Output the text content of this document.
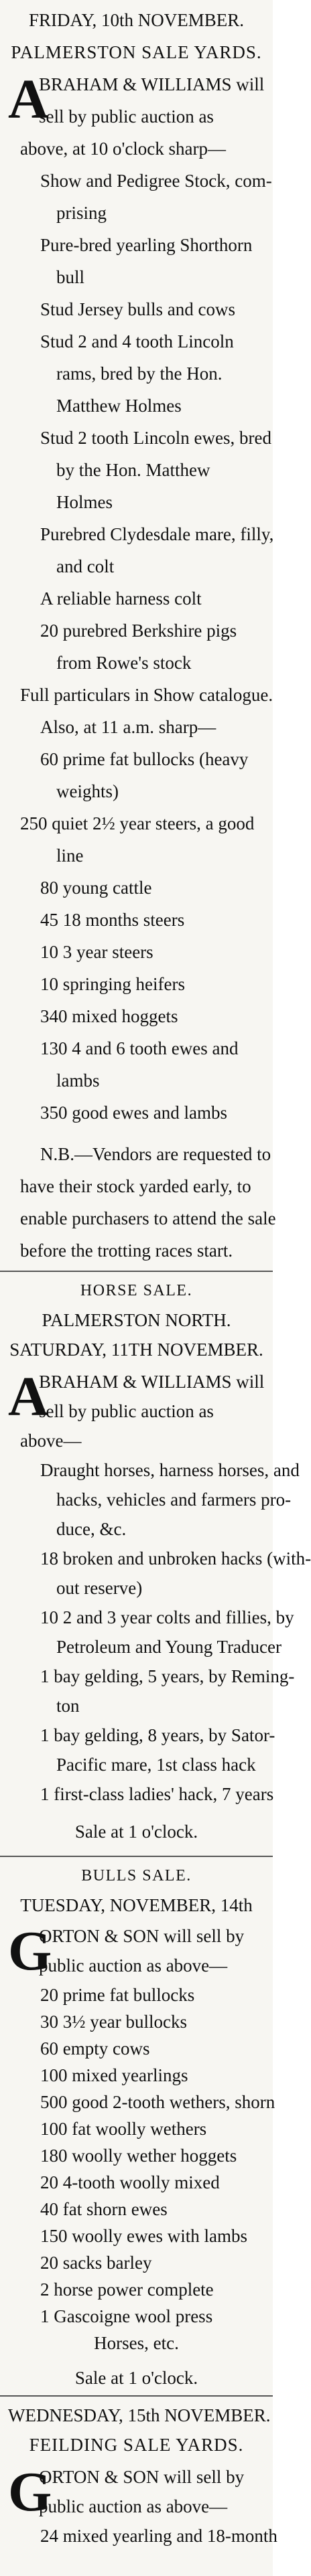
FRIDAY, 10th NOVEMBER.
PALMERSTON SALE YARDS.
A
BRAHAM & WILLIAMS will
sell by public auction as
above, at 10 o'clock sharp—
Show and Pedigree Stock, com-
prising
Pure-bred yearling Shorthorn
bull
Stud Jersey bulls and cows
Stud 2 and 4 tooth Lincoln
rams, bred by the Hon.
Matthew Holmes
Stud 2 tooth Lincoln ewes, bred
by the Hon. Matthew
Holmes
Purebred Clydesdale mare, filly,
and colt
A reliable harness colt
20 purebred Berkshire pigs
from Rowe's stock
Full particulars in Show catalogue.
Also, at 11 a.m. sharp—
60 prime fat bullocks (heavy
weights)
250 quiet 2½ year steers, a good
line
80 young cattle
45 18 months steers
10 3 year steers
10 springing heifers
340 mixed hoggets
130 4 and 6 tooth ewes and
lambs
350 good ewes and lambs
N.B.—Vendors are requested to
have their stock yarded early, to
enable purchasers to attend the sale
before the trotting races start.
HORSE SALE.
PALMERSTON NORTH.
SATURDAY, 11TH NOVEMBER.
A
BRAHAM & WILLIAMS will
sell by public auction as
above—
Draught horses, harness horses, and
hacks, vehicles and farmers pro-
duce, &c.
18 broken and unbroken hacks (with-
out reserve)
10 2 and 3 year colts and fillies, by
Petroleum and Young Traducer
1 bay gelding, 5 years, by Reming-
ton
1 bay gelding, 8 years, by Sator-
Pacific mare, 1st class hack
1 first-class ladies' hack, 7 years
Sale at 1 o'clock.
BULLS SALE.
TUESDAY, NOVEMBER, 14th
G
ORTON & SON will sell by
public auction as above—
20 prime fat bullocks
30 3½ year bullocks
60 empty cows
100 mixed yearlings
500 good 2-tooth wethers, shorn
100 fat woolly wethers
180 woolly wether hoggets
20 4-tooth woolly mixed
40 fat shorn ewes
150 woolly ewes with lambs
20 sacks barley
2 horse power complete
1 Gascoigne wool press
Horses, etc.
Sale at 1 o'clock.
WEDNESDAY, 15th NOVEMBER.
FEILDING SALE YARDS.
G
ORTON & SON will sell by
public auction as above—
24 mixed yearling and 18-month
